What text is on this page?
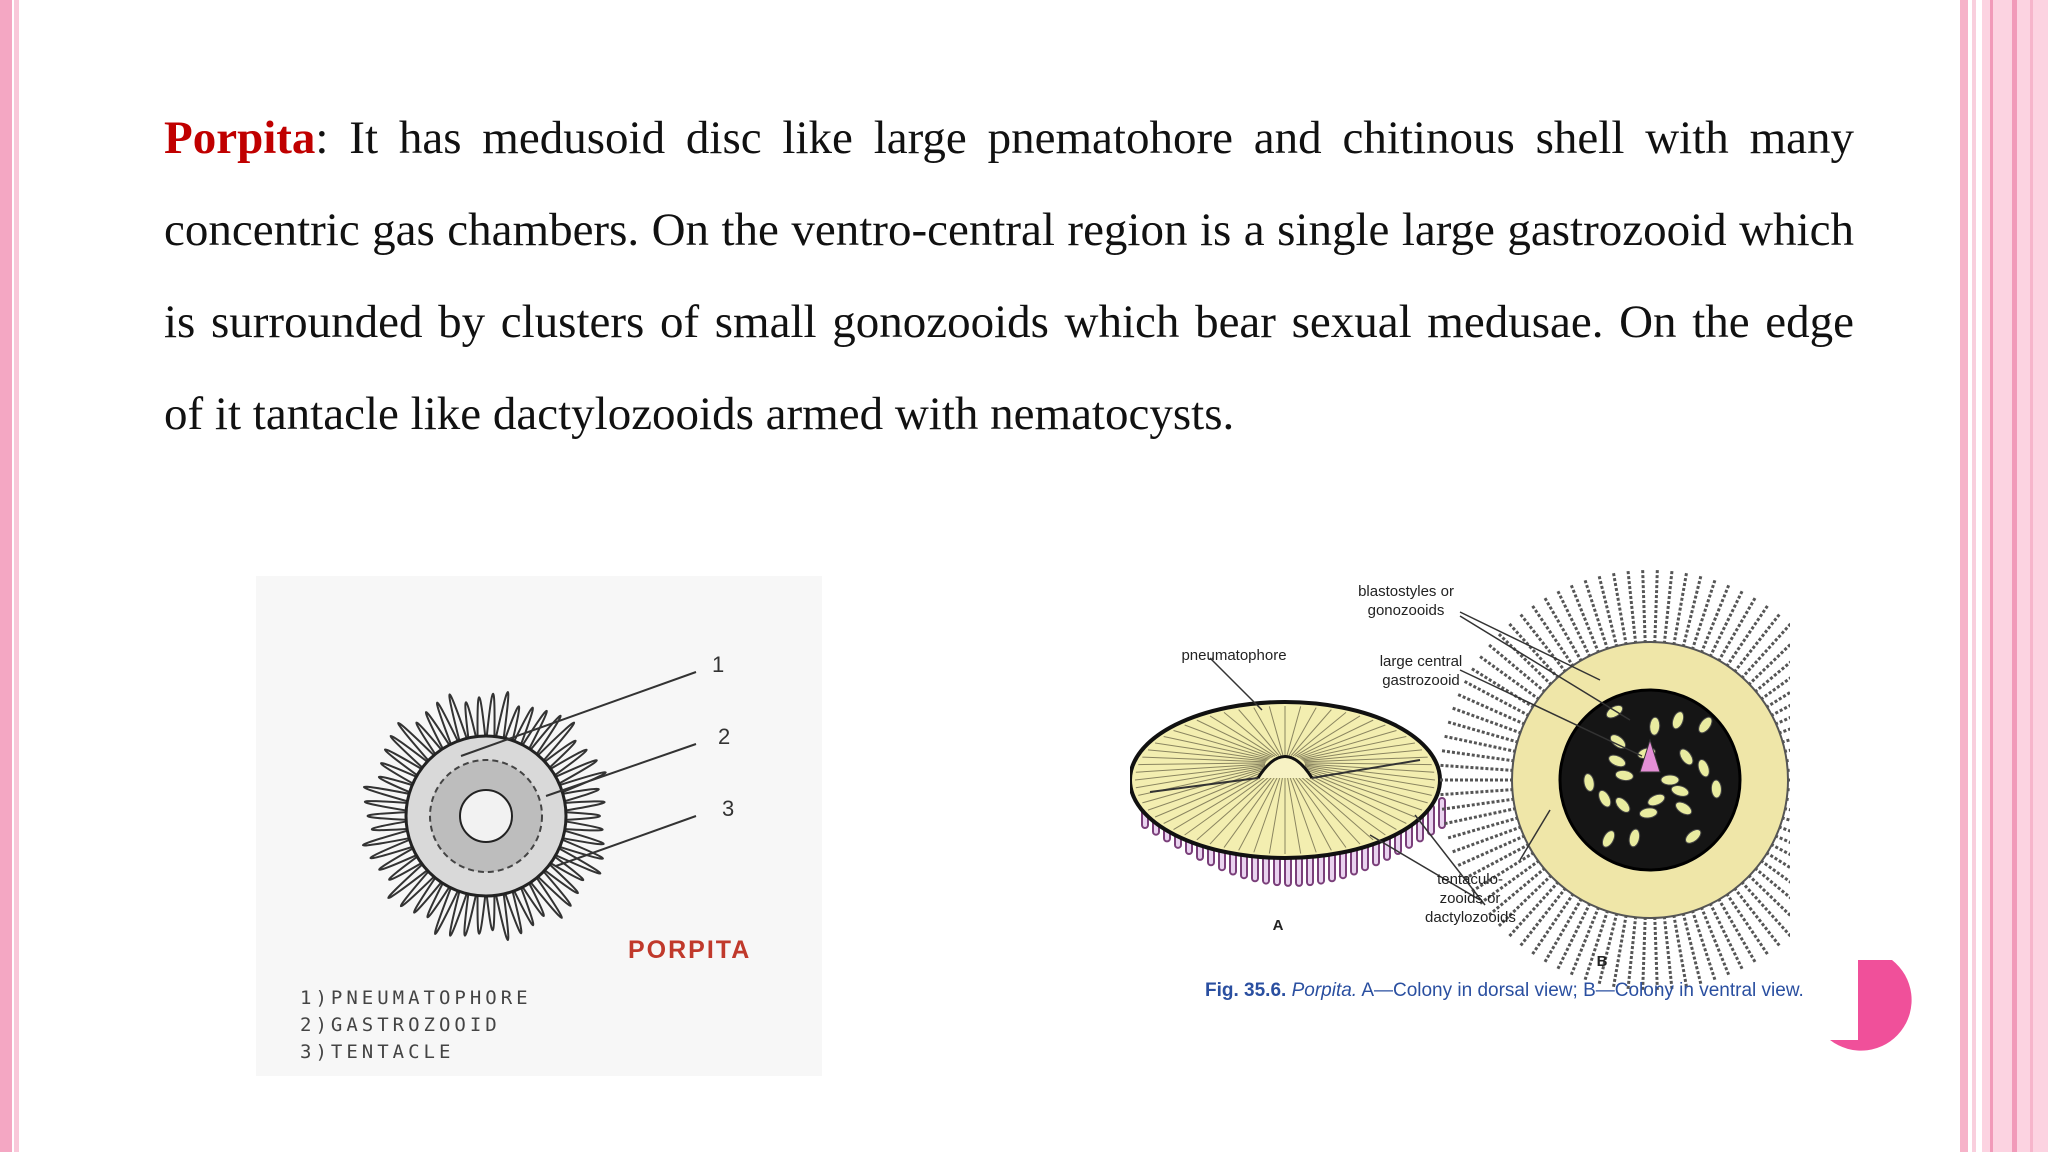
Porpita: It has medusoid disc like large pnematohore and chitinous shell with many concentric gas chambers. On the ventro-central region is a single large gastrozooid which is surrounded by clusters of small gonozooids which bear sexual medusae. On the edge of it tantacle like dactylozooids armed with nematocysts.

1
2
3
PORPITA
1)PNEUMATOPHORE
2)GASTROZOOID
3)TENTACLE
blastostyles or gonozooids
pneumatophore	large central gastrozooid
tentaculo- zooids or dactylozooids
A
B
Fig. 35.6. Porpita. A—Colony in dorsal view; B—Colony in ventral view.
